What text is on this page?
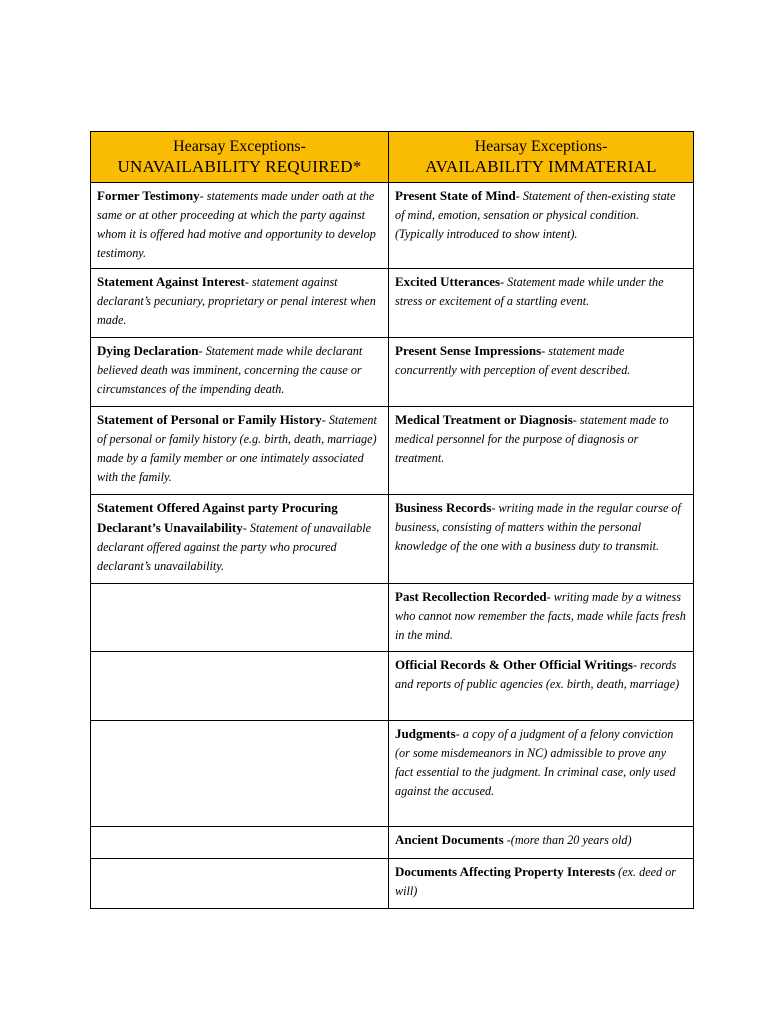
Hearsay Exceptions-
UNAVAILABILITY REQUIRED*	Hearsay Exceptions-
AVAILABILITY IMMATERIAL

Former Testimony- statements made under oath at the same or at other proceeding at which the party against whom it is offered had motive and opportunity to develop testimony.	Present State of Mind- Statement of then-existing state of mind, emotion, sensation or physical condition. (Typically introduced to show intent).
Statement Against Interest- statement against declarant’s pecuniary, proprietary or penal interest when made.	Excited Utterances- Statement made while under the stress or excitement of a startling event.
Dying Declaration- Statement made while declarant believed death was imminent, concerning the cause or circumstances of the impending death.	Present Sense Impressions- statement made concurrently with perception of event described.
Statement of Personal or Family History- Statement of personal or family history (e.g. birth, death, marriage) made by a family member or one intimately associated with the family.	Medical Treatment or Diagnosis- statement made to medical personnel for the purpose of diagnosis or treatment.
Statement Offered Against party Procuring Declarant’s Unavailability- Statement of unavailable declarant offered against the party who procured declarant’s unavailability.	Business Records- writing made in the regular course of business, consisting of matters within the personal knowledge of the one with a business duty to transmit.
	Past Recollection Recorded- writing made by a witness who cannot now remember the facts, made while facts fresh in the mind.
	Official Records & Other Official Writings- records and reports of public agencies (ex. birth, death, marriage)
	Judgments- a copy of a judgment of a felony conviction (or some misdemeanors in NC) admissible to prove any fact essential to the judgment. In criminal case, only used against the accused.
	Ancient Documents -(more than 20 years old)
	Documents Affecting Property Interests (ex. deed or will)
